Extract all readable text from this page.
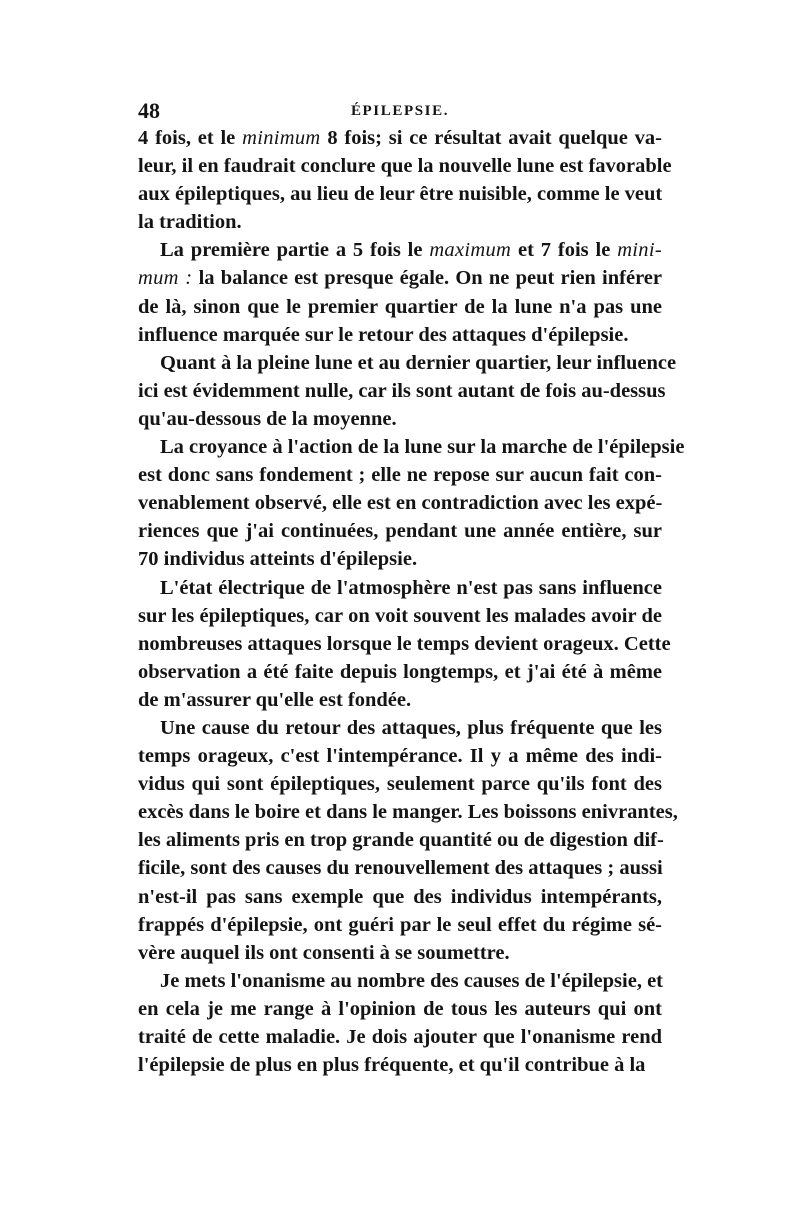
48	ÉPILEPSIE.

4 fois, et le minimum 8 fois; si ce résultat avait quelque va-
leur, il en faudrait conclure que la nouvelle lune est favorable
aux épileptiques, au lieu de leur être nuisible, comme le veut
la tradition.

La première partie a 5 fois le maximum et 7 fois le mini-
mum : la balance est presque égale. On ne peut rien inférer
de là, sinon que le premier quartier de la lune n'a pas une
influence marquée sur le retour des attaques d'épilepsie.

Quant à la pleine lune et au dernier quartier, leur influence
ici est évidemment nulle, car ils sont autant de fois au-dessus
qu'au-dessous de la moyenne.

La croyance à l'action de la lune sur la marche de l'épilepsie
est donc sans fondement ; elle ne repose sur aucun fait con-
venablement observé, elle est en contradiction avec les expé-
riences que j'ai continuées, pendant une année entière, sur
70 individus atteints d'épilepsie.

L'état électrique de l'atmosphère n'est pas sans influence
sur les épileptiques, car on voit souvent les malades avoir de
nombreuses attaques lorsque le temps devient orageux. Cette
observation a été faite depuis longtemps, et j'ai été à même
de m'assurer qu'elle est fondée.

Une cause du retour des attaques, plus fréquente que les
temps orageux, c'est l'intempérance. Il y a même des indi-
vidus qui sont épileptiques, seulement parce qu'ils font des
excès dans le boire et dans le manger. Les boissons enivrantes,
les aliments pris en trop grande quantité ou de digestion dif-
ficile, sont des causes du renouvellement des attaques ; aussi
n'est-il pas sans exemple que des individus intempérants,
frappés d'épilepsie, ont guéri par le seul effet du régime sé-
vère auquel ils ont consenti à se soumettre.

Je mets l'onanisme au nombre des causes de l'épilepsie, et
en cela je me range à l'opinion de tous les auteurs qui ont
traité de cette maladie. Je dois ajouter que l'onanisme rend
l'épilepsie de plus en plus fréquente, et qu'il contribue à la
